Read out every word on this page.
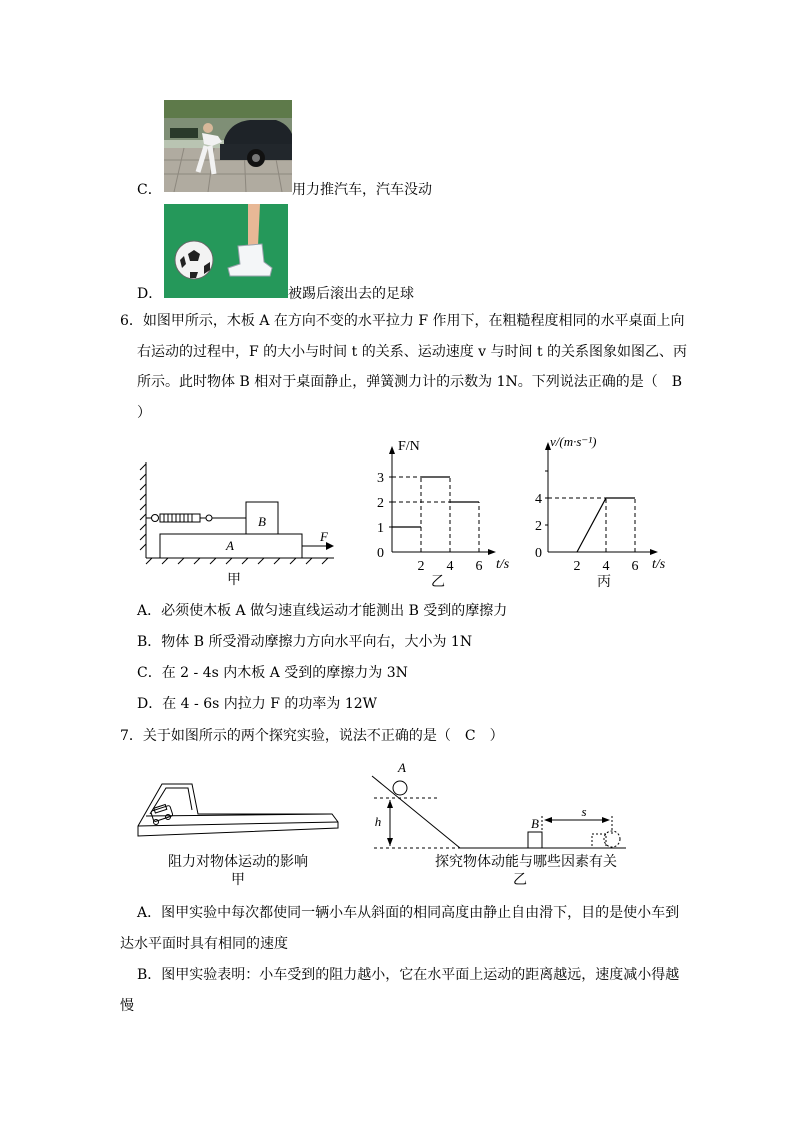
C．	用力推汽车，汽车没动
D．	被踢后滚出去的足球
6．如图甲所示，木板 A 在方向不变的水平拉力 F 作用下，在粗糙程度相同的水平桌面上向
右运动的过程中，F 的大小与时间 t 的关系、运动速度 v 与时间 t 的关系图象如图乙、丙
所示。此时物体 B 相对于桌面静止，弹簧测力计的示数为 1N。下列说法正确的是（　B
）
B
A
F
甲
F/N
t/s
乙
0
1
2
3
2 4 6
v/(m·s⁻¹)
t/s
丙
0
2
4
2 4 6
A．必须使木板 A 做匀速直线运动才能测出 B 受到的摩擦力
B．物体 B 所受滑动摩擦力方向水平向右，大小为 1N
C．在 2 - 4s 内木板 A 受到的摩擦力为 3N
D．在 4 - 6s 内拉力 F 的功率为 12W
7．关于如图所示的两个探究实验，说法不正确的是（　C　）
阻力对物体运动的影响
甲
A
h	B
s
探究物体动能与哪些因素有关
乙
A．图甲实验中每次都使同一辆小车从斜面的相同高度由静止自由滑下，目的是使小车到
达水平面时具有相同的速度
B．图甲实验表明：小车受到的阻力越小，它在水平面上运动的距离越远，速度减小得越
慢
